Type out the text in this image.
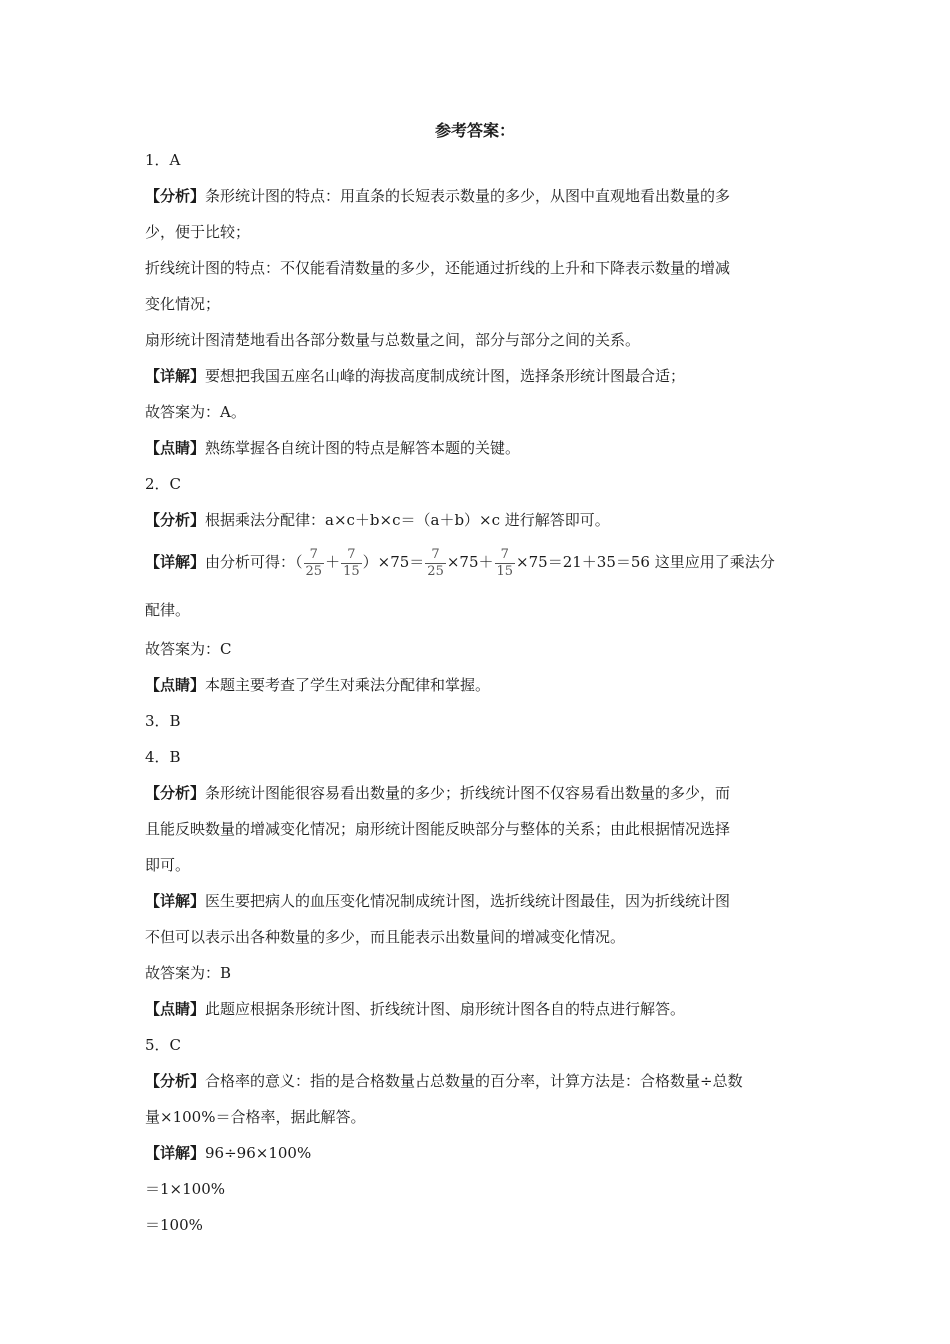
参考答案：
1．A
【分析】条形统计图的特点：用直条的长短表示数量的多少，从图中直观地看出数量的多
少，便于比较；
折线统计图的特点：不仅能看清数量的多少，还能通过折线的上升和下降表示数量的增减
变化情况；
扇形统计图清楚地看出各部分数量与总数量之间，部分与部分之间的关系。
【详解】要想把我国五座名山峰的海拔高度制成统计图，选择条形统计图最合适；
故答案为：A。
【点睛】熟练掌握各自统计图的特点是解答本题的关键。
2．C
【分析】根据乘法分配律：a×c＋b×c＝（a＋b）×c 进行解答即可。
【详解】由分析可得：（ $\frac{7}{25} + \frac{7}{15} )\times 75= \frac{7}{25} \times 75+ \frac{7}{15} \times 75=21+35=56$ 这里应用了乘法分
配律。
故答案为：C
【点睛】本题主要考查了学生对乘法分配律和掌握。
3．B
4．B
【分析】条形统计图能很容易看出数量的多少；折线统计图不仅容易看出数量的多少，而
且能反映数量的增减变化情况；扇形统计图能反映部分与整体的关系；由此根据情况选择
即可。
【详解】医生要把病人的血压变化情况制成统计图，选折线统计图最佳，因为折线统计图
不但可以表示出各种数量的多少，而且能表示出数量间的增减变化情况。
故答案为：B
【点睛】此题应根据条形统计图、折线统计图、扇形统计图各自的特点进行解答。
5．C
【分析】合格率的意义：指的是合格数量占总数量的百分率，计算方法是：合格数量÷总数
量×100%＝合格率，据此解答。
【详解】96÷96×100%
＝1×100%
＝100%
